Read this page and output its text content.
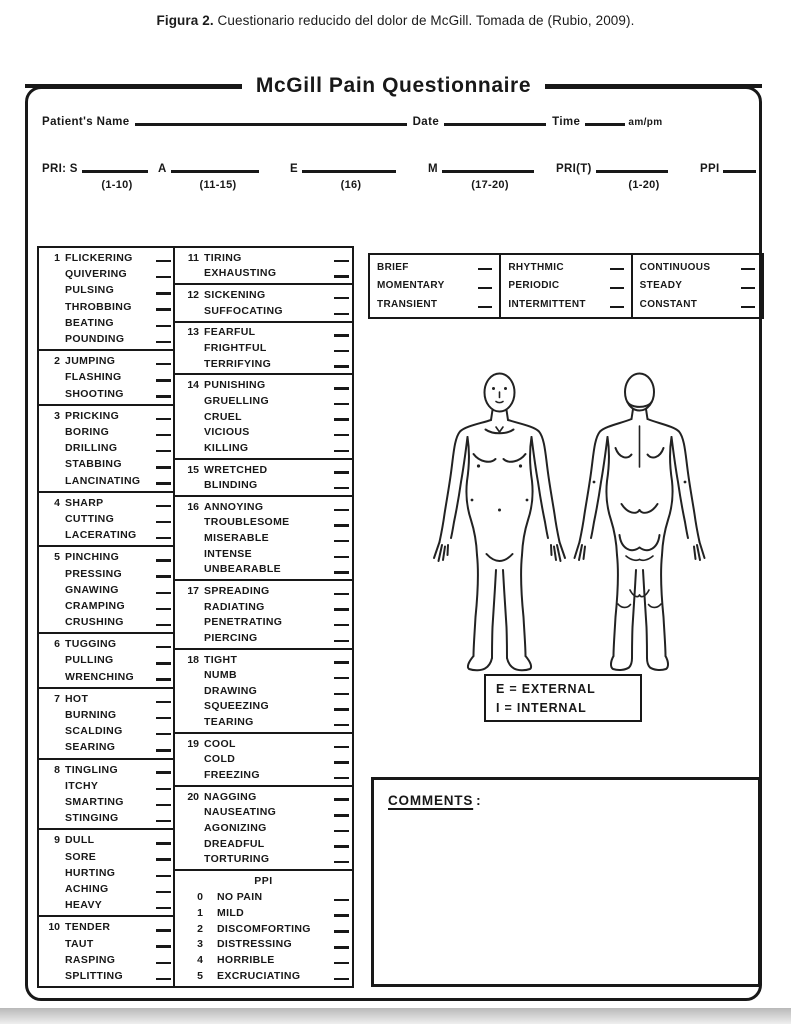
Figura 2. Cuestionario reducido del dolor de McGill. Tomada de (Rubio, 2009).
McGill Pain Questionnaire
Patient's Name	Date	Time	am/pm
PRI: S
(1-10)
A
(11-15)
E
(16)
M
(17-20)
PRI(T)
(1-20)
PPI
1 FLICKERING
QUIVERING
PULSING
THROBBING
BEATING
POUNDING
2 JUMPING
FLASHING
SHOOTING
3 PRICKING
BORING
DRILLING
STABBING
LANCINATING
4 SHARP
CUTTING
LACERATING
5 PINCHING
PRESSING
GNAWING
CRAMPING
CRUSHING
6 TUGGING
PULLING
WRENCHING
7 HOT
BURNING
SCALDING
SEARING
8 TINGLING
ITCHY
SMARTING
STINGING
9 DULL
SORE
HURTING
ACHING
HEAVY
10 TENDER
TAUT
RASPING
SPLITTING
11 TIRING
EXHAUSTING
12 SICKENING
SUFFOCATING
13 FEARFUL
FRIGHTFUL
TERRIFYING
14 PUNISHING
GRUELLING
CRUEL
VICIOUS
KILLING
15 WRETCHED
BLINDING
16 ANNOYING
TROUBLESOME
MISERABLE
INTENSE
UNBEARABLE
17 SPREADING
RADIATING
PENETRATING
PIERCING
18 TIGHT
NUMB
DRAWING
SQUEEZING
TEARING
19 COOL
COLD
FREEZING
20 NAGGING
NAUSEATING
AGONIZING
DREADFUL
TORTURING
PPI
0	NO PAIN
1	MILD
2	DISCOMFORTING
3	DISTRESSING
4	HORRIBLE
5	EXCRUCIATING
BRIEF
MOMENTARY
TRANSIENT
RHYTHMIC
PERIODIC
INTERMITTENT
CONTINUOUS
STEADY
CONSTANT
E = EXTERNAL
I = INTERNAL
COMMENTS :
